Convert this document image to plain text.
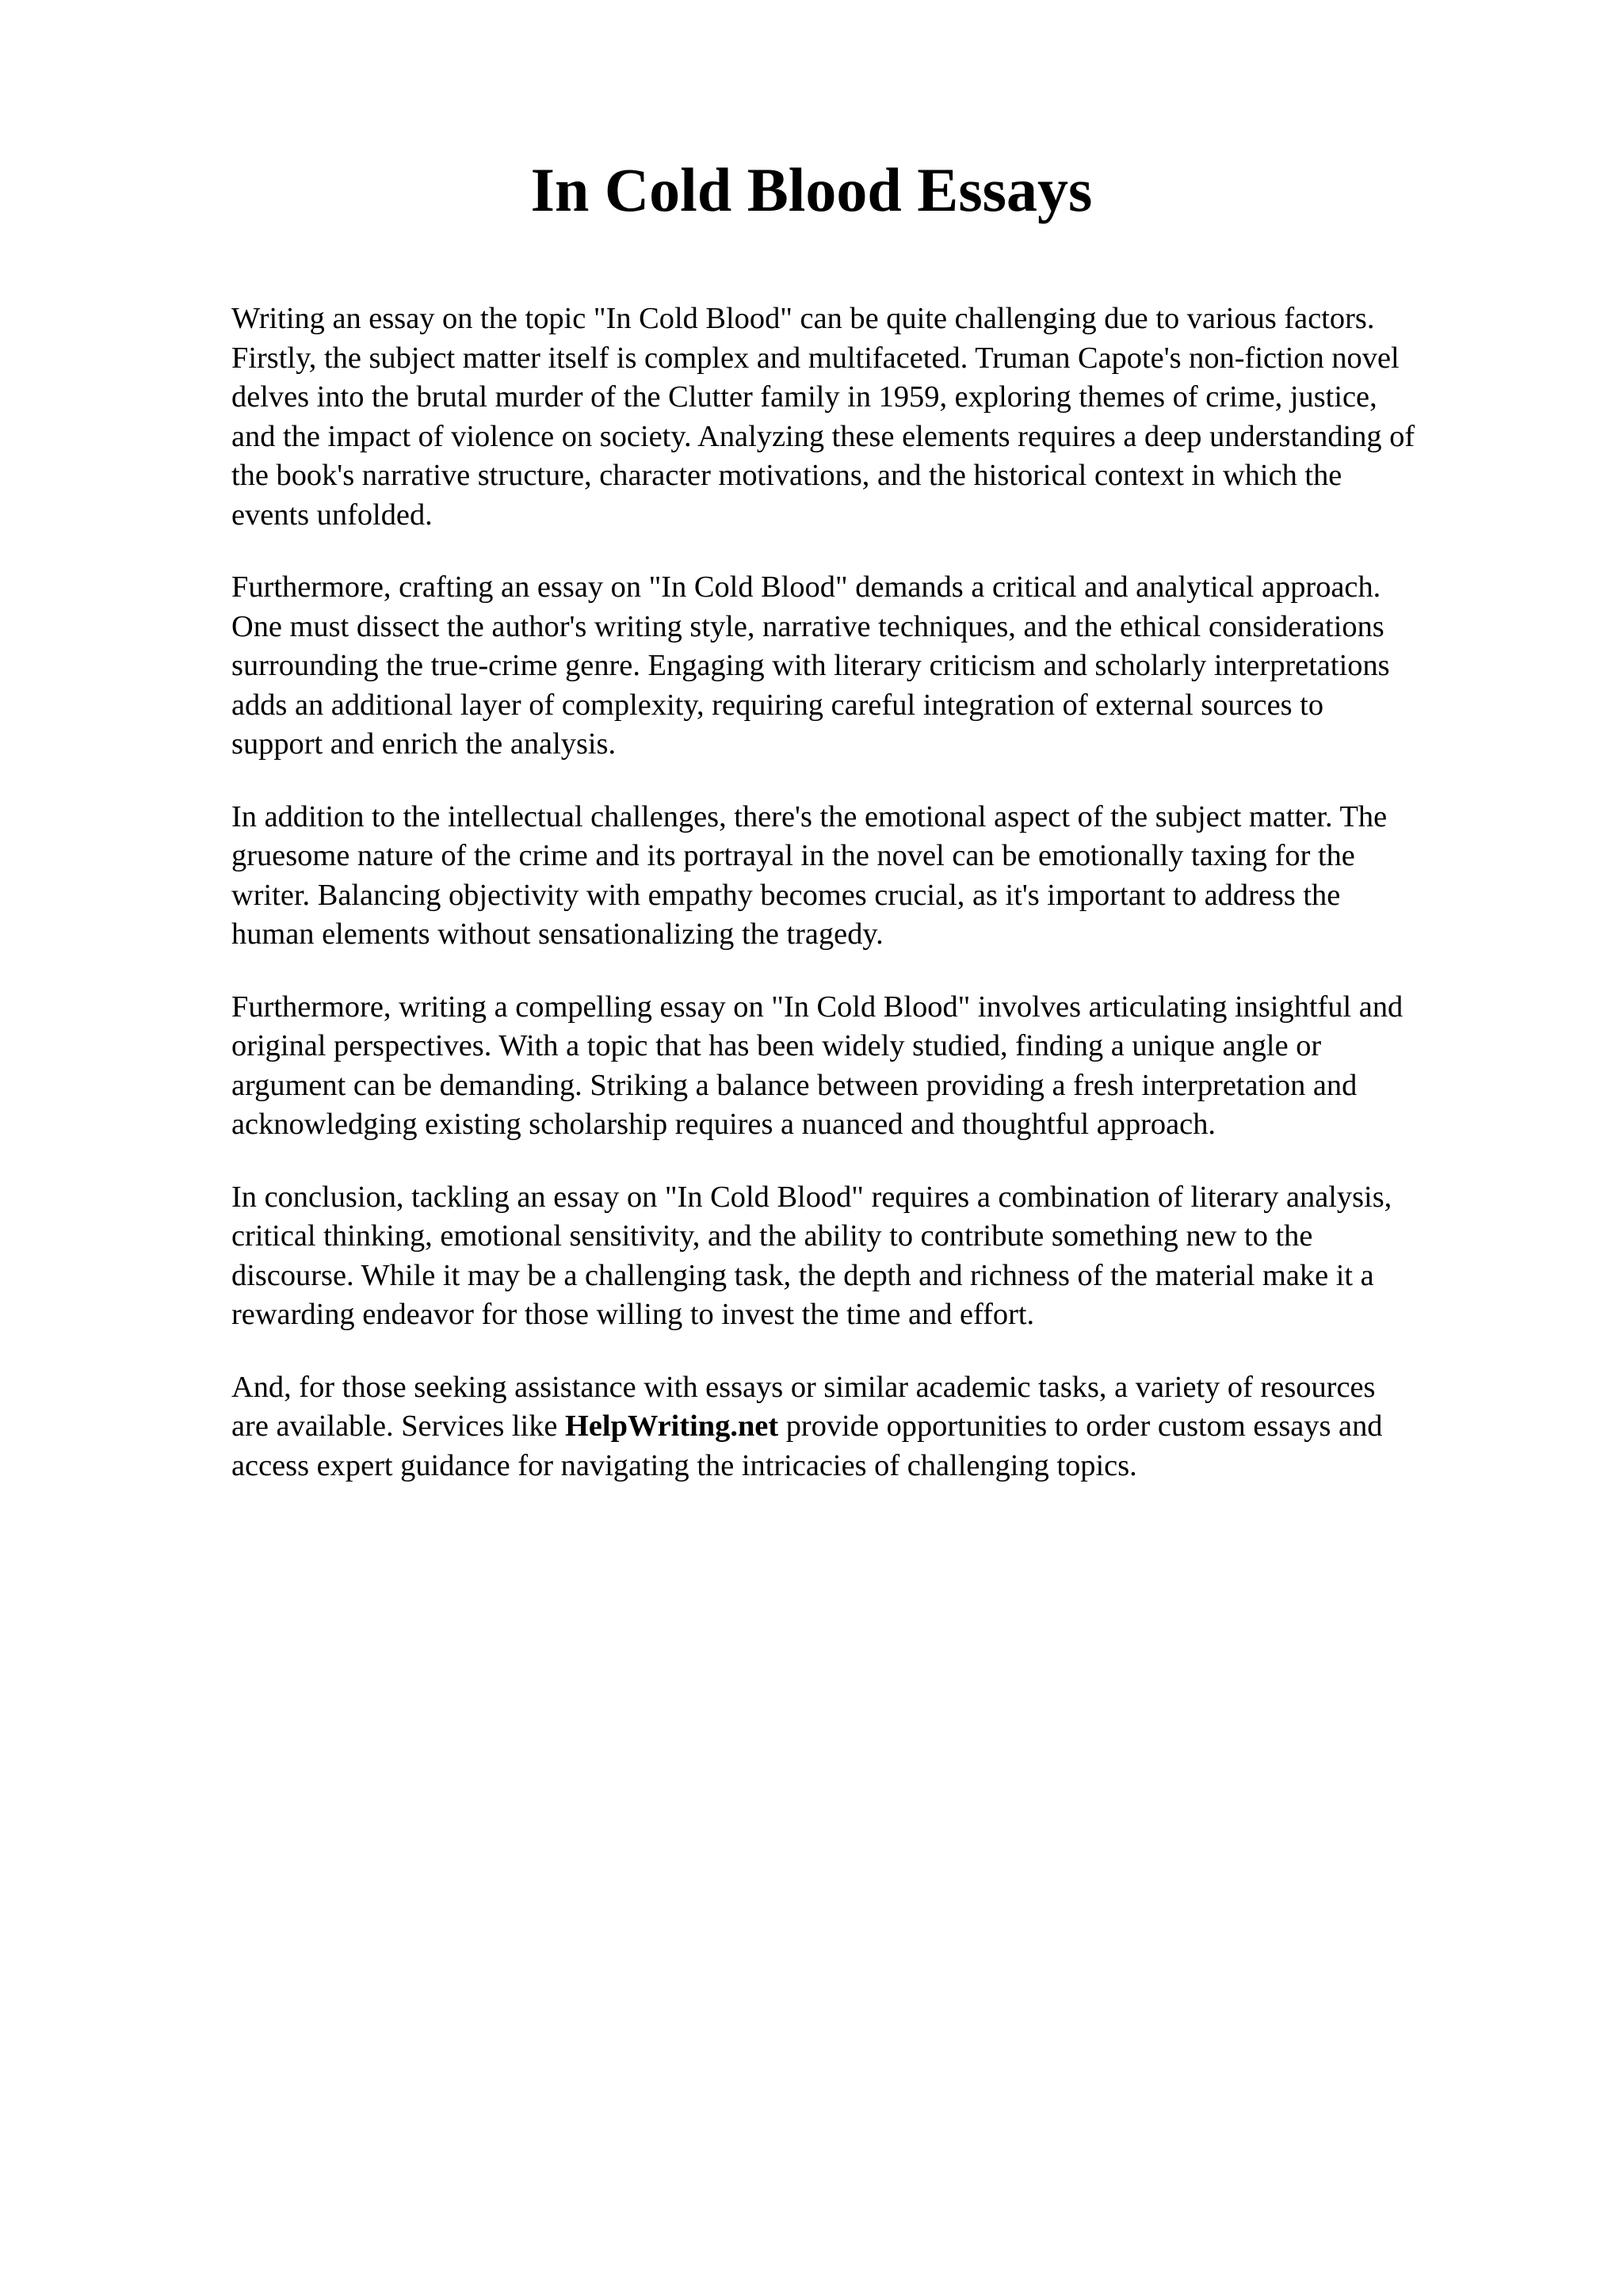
In Cold Blood Essays

Writing an essay on the topic "In Cold Blood" can be quite challenging due to various factors.
Firstly, the subject matter itself is complex and multifaceted. Truman Capote's non-fiction novel
delves into the brutal murder of the Clutter family in 1959, exploring themes of crime, justice,
and the impact of violence on society. Analyzing these elements requires a deep understanding of
the book's narrative structure, character motivations, and the historical context in which the
events unfolded.

Furthermore, crafting an essay on "In Cold Blood" demands a critical and analytical approach.
One must dissect the author's writing style, narrative techniques, and the ethical considerations
surrounding the true-crime genre. Engaging with literary criticism and scholarly interpretations
adds an additional layer of complexity, requiring careful integration of external sources to
support and enrich the analysis.

In addition to the intellectual challenges, there's the emotional aspect of the subject matter. The
gruesome nature of the crime and its portrayal in the novel can be emotionally taxing for the
writer. Balancing objectivity with empathy becomes crucial, as it's important to address the
human elements without sensationalizing the tragedy.

Furthermore, writing a compelling essay on "In Cold Blood" involves articulating insightful and
original perspectives. With a topic that has been widely studied, finding a unique angle or
argument can be demanding. Striking a balance between providing a fresh interpretation and
acknowledging existing scholarship requires a nuanced and thoughtful approach.

In conclusion, tackling an essay on "In Cold Blood" requires a combination of literary analysis,
critical thinking, emotional sensitivity, and the ability to contribute something new to the
discourse. While it may be a challenging task, the depth and richness of the material make it a
rewarding endeavor for those willing to invest the time and effort.

And, for those seeking assistance with essays or similar academic tasks, a variety of resources
are available. Services like HelpWriting.net provide opportunities to order custom essays and
access expert guidance for navigating the intricacies of challenging topics.
